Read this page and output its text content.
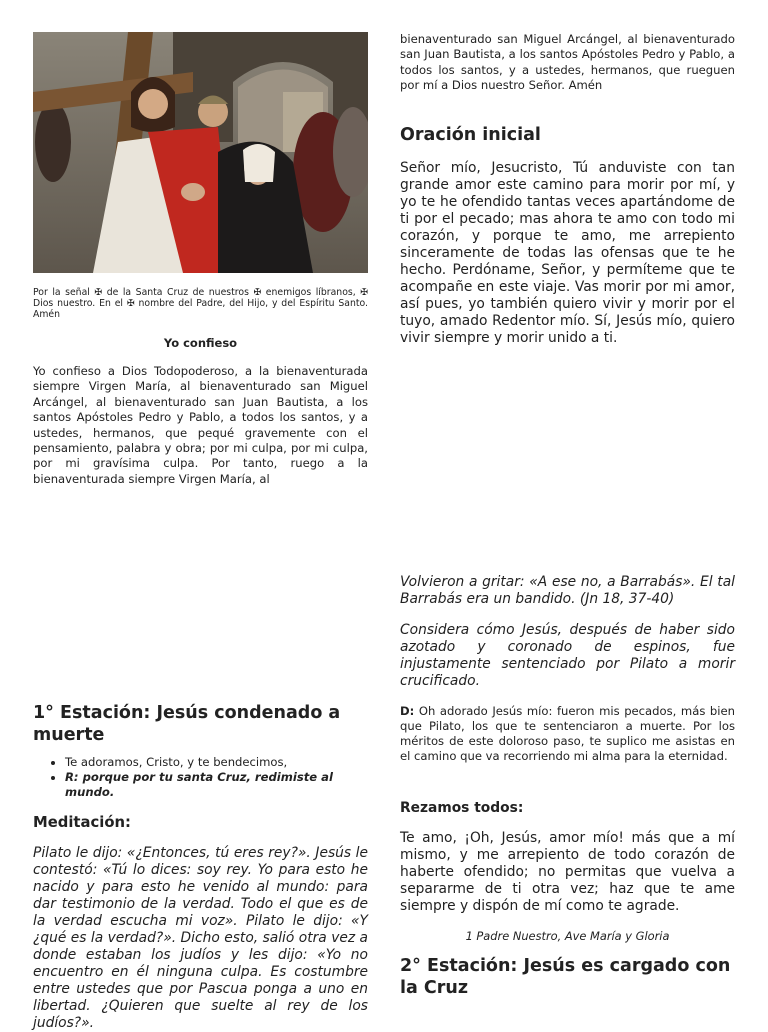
Por la señal ✠ de la Santa Cruz de nuestros ✠ enemigos líbranos, ✠ Dios nuestro. En el ✠ nombre del Padre, del Hijo, y del Espíritu Santo. Amén

Yo confieso

Yo confieso a Dios Todopoderoso, a la bienaventurada siempre Virgen María, al bienaventurado san Miguel Arcángel, al bienaventurado san Juan Bautista, a los santos Apóstoles Pedro y Pablo, a todos los santos, y a ustedes, hermanos, que pequé gravemente con el pensamiento, palabra y obra; por mi culpa, por mi culpa, por mi gravísima culpa. Por tanto, ruego a la bienaventurada siempre Virgen María, al

bienaventurado san Miguel Arcángel, al bienaventurado san Juan Bautista, a los santos Apóstoles Pedro y Pablo, a todos los santos, y a ustedes, hermanos, que rueguen por mí a Dios nuestro Señor. Amén

Oración inicial

Señor mío, Jesucristo, Tú anduviste con tan grande amor este camino para morir por mí, y yo te he ofendido tantas veces apartándome de ti por el pecado; mas ahora te amo con todo mi corazón, y porque te amo, me arrepiento sinceramente de todas las ofensas que te he hecho. Perdóname, Señor, y permíteme que te acompañe en este viaje. Vas morir por mi amor, así pues, yo también quiero vivir y morir por el tuyo, amado Redentor mío. Sí, Jesús mío, quiero vivir siempre y morir unido a ti.

1° Estación: Jesús condenado a muerte
• Te adoramos, Cristo, y te bendecimos,
• R: porque por tu santa Cruz, redimiste al mundo.

Meditación:

Pilato le dijo: «¿Entonces, tú eres rey?». Jesús le contestó: «Tú lo dices: soy rey. Yo para esto he nacido y para esto he venido al mundo: para dar testimonio de la verdad. Todo el que es de la verdad escucha mi voz». Pilato le dijo: «Y ¿qué es la verdad?». Dicho esto, salió otra vez a donde estaban los judíos y les dijo: «Yo no encuentro en él ninguna culpa. Es costumbre entre ustedes que por Pascua ponga a uno en libertad. ¿Quieren que suelte al rey de los judíos?».

Volvieron a gritar: «A ese no, a Barrabás». El tal Barrabás era un bandido. (Jn 18, 37-40)

Considera cómo Jesús, después de haber sido azotado y coronado de espinos, fue injustamente sentenciado por Pilato a morir crucificado.

D: Oh adorado Jesús mío: fueron mis pecados, más bien que Pilato, los que te sentenciaron a muerte. Por los méritos de este doloroso paso, te suplico me asistas en el camino que va recorriendo mi alma para la eternidad.

Rezamos todos:

Te amo, ¡Oh, Jesús, amor mío! más que a mí mismo, y me arrepiento de todo corazón de haberte ofendido; no permitas que vuelva a separarme de ti otra vez; haz que te ame siempre y dispón de mí como te agrade.

1 Padre Nuestro, Ave María y Gloria

2° Estación: Jesús es cargado con la Cruz
